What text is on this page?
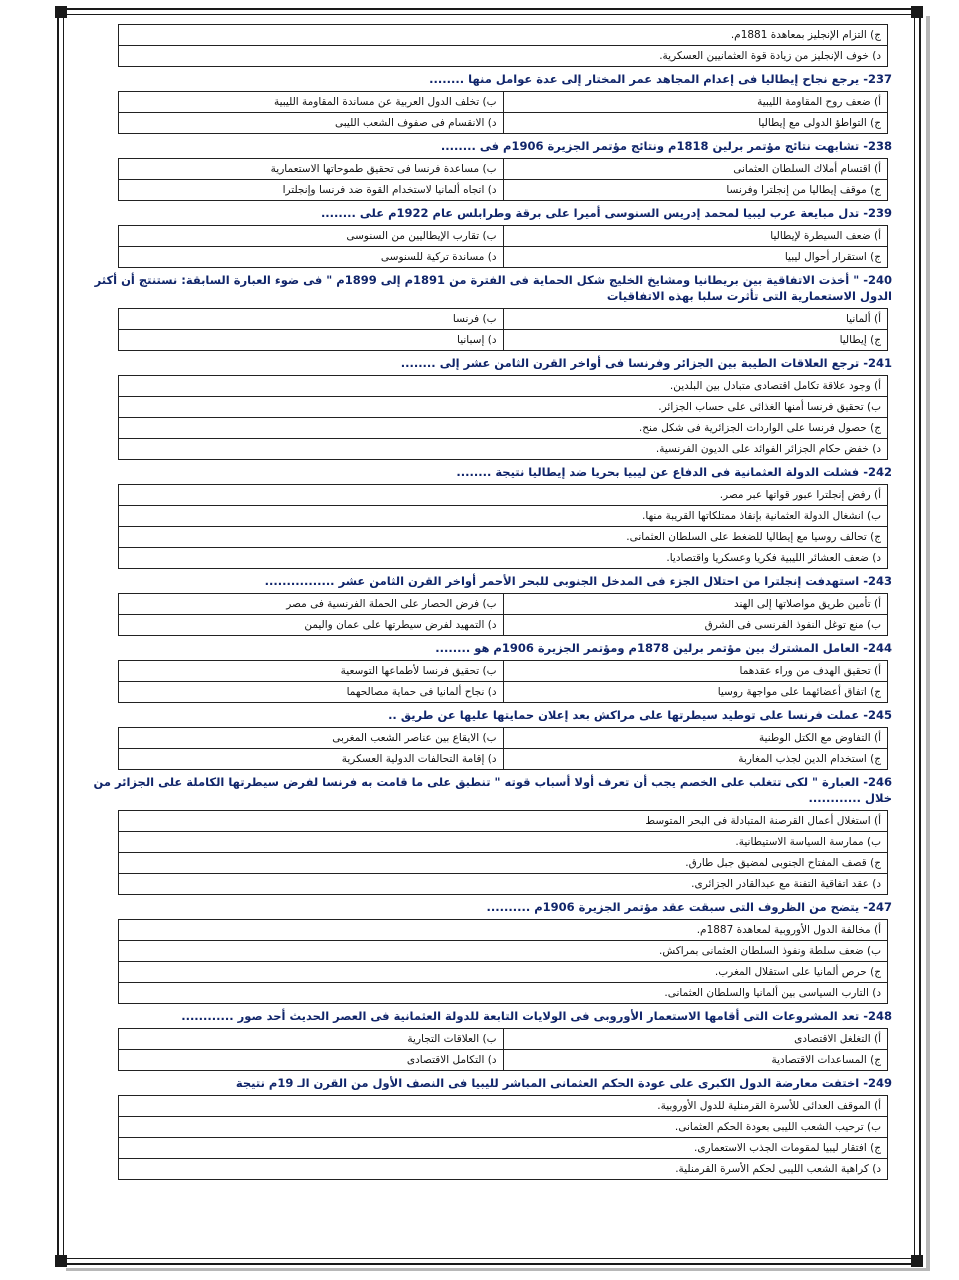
ج) التزام الإنجليز بمعاهدة 1881م.
د) خوف الإنجليز من زيادة قوة العثمانيين العسكرية.
237- يرجع نجاح إيطاليا فى إعدام المجاهد عمر المختار إلى عدة عوامل منها ........
أ) ضعف روح المقاومة الليبية	ب) تخلف الدول العربية عن مساندة المقاومة الليبية
ج) التواطؤ الدولى مع إيطاليا	د) الانقسام فى صفوف الشعب الليبى
238- تشابهت نتائج مؤتمر برلين 1818م ونتائج مؤتمر الجزيرة 1906م فى ........
أ) اقتسام أملاك السلطان العثمانى	ب) مساعدة فرنسا فى تحقيق طموحاتها الاستعمارية
ج) موقف إيطاليا من إنجلترا وفرنسا	د) اتجاه ألمانيا لاستخدام القوة ضد فرنسا وإنجلترا
239- تدل مبايعة عرب ليبيا لمحمد إدريس السنوسى أميرا على برقة وطرابلس عام 1922م على ........
أ) ضعف السيطرة لإيطاليا	ب) تقارب الإيطاليين من السنوسى
ج) استقرار أحوال ليبيا	د) مساندة تركية للسنوسى
240- " أخذت الاتفاقية بين بريطانيا ومشايخ الخليج شكل الحماية فى الفترة من 1891م إلى 1899م " فى ضوء العبارة السابقة: نستنتج أن أكثر الدول الاستعمارية التى تأثرت سلبا بهذه الاتفاقيات
أ) ألمانيا	ب) فرنسا
ج) إيطاليا	د) إسبانيا
241- ترجع العلاقات الطيبة بين الجزائر وفرنسا فى أواخر القرن الثامن عشر إلى ........
أ) وجود علاقة تكامل اقتصادى متبادل بين البلدين.
ب) تحقيق فرنسا أمنها الغذائى على حساب الجزائر.
ج) حصول فرنسا على الواردات الجزائرية فى شكل منح.
د) خفض حكام الجزائر الفوائد على الديون الفرنسية.
242- فشلت الدولة العثمانية فى الدفاع عن ليبيا بحريا ضد إيطاليا نتيجة ........
أ) رفض إنجلترا عبور قواتها عبر مصر.
ب) انشغال الدولة العثمانية بإنقاذ ممتلكاتها القريبة منها.
ج) تحالف روسيا مع إيطاليا للضغط على السلطان العثمانى.
د) ضعف العشائر الليبية فكريا وعسكريا واقتصاديا.
243- استهدفت إنجلترا من احتلال الجزء فى المدخل الجنوبى للبحر الأحمر أواخر القرن الثامن عشر ................
أ) تأمين طريق مواصلاتها إلى الهند	ب) فرض الحصار على الحملة الفرنسية فى مصر
ب) منع توغل النفوذ الفرنسى فى الشرق	د) التمهيد لفرض سيطرتها على عمان واليمن
244- العامل المشترك بين مؤتمر برلين 1878م ومؤتمر الجزيرة 1906م هو ........
أ) تحقيق الهدف من وراء عقدهما	ب) تحقيق فرنسا لأطماعها التوسعية
ج) اتفاق أعضائهما على مواجهة روسيا	د) نجاح ألمانيا فى حماية مصالحهما
245- عملت فرنسا على توطيد سيطرتها على مراكش بعد إعلان حمايتها عليها عن طريق ..
أ) التفاوض مع الكتل الوطنية	ب) الايقاع بين عناصر الشعب المغربى
ج) استخدام الدين لجذب المغاربة	د) إقامة التحالفات الدولية العسكرية
246- العبارة " لكى تتغلب على الخصم يجب أن تعرف أولا أسباب قوته " تنطبق على ما قامت به فرنسا لفرض سيطرتها الكاملة على الجزائر من خلال ............
أ) استغلال أعمال القرصنة المتبادلة فى البحر المتوسط
ب) ممارسة السياسة الاستيطانية.
ج) قصف المفتاح الجنوبى لمضيق جبل طارق.
د) عقد اتفاقية التفنة مع عبدالقادر الجزائرى.
247- يتضح من الظروف التى سبقت عقد مؤتمر الجزيرة 1906م ..........
أ) مخالفة الدول الأوروبية لمعاهدة 1887م.
ب) ضعف سلطة ونفوذ السلطان العثمانى بمراكش.
ج) حرص ألمانيا على استقلال المغرب.
د) التارب السياسى بين ألمانيا والسلطان العثمانى.
248- تعد المشروعات التى أقامها الاستعمار الأوروبى فى الولايات التابعة للدولة العثمانية فى العصر الحديث أحد صور ............
أ) التغلغل الاقتصادى	ب) العلاقات التجارية
ج) المساعدات الاقتصادية	د) التكامل الاقتصادى
249- اختفت معارضة الدول الكبرى على عودة الحكم العثمانى المباشر لليبيا فى النصف الأول من القرن الـ 19م نتيجة
أ) الموقف العدائى للأسرة القرمنلية للدول الأوروبية.
ب) ترحيب الشعب الليبى بعودة الحكم العثمانى.
ج) افتقار ليبيا لمقومات الجذب الاستعمارى.
د) كراهية الشعب الليبى لحكم الأسرة القرمنلية.
